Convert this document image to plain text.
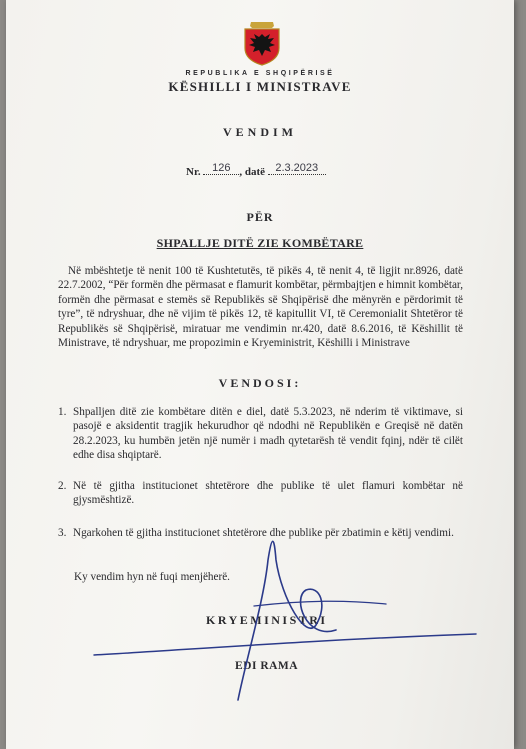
REPUBLIKA E SHQIPËRISË
KËSHILLI I MINISTRAVE
VENDIM
Nr. 126 , datë 2.3.2023
PËR
SHPALLJE DITË ZIE KOMBËTARE
Në mbështetje të nenit 100 të Kushtetutës, të pikës 4, të nenit 4, të ligjit nr.8926, datë 22.7.2002, “Për formën dhe përmasat e flamurit kombëtar, përmbajtjen e himnit kombëtar, formën dhe përmasat e stemës së Republikës së Shqipërisë dhe mënyrën e përdorimit të tyre”, të ndryshuar, dhe në vijim të pikës 12, të kapitullit VI, të Ceremonialit Shtetëror të Republikës së Shqipërisë, miratuar me vendimin nr.420, datë 8.6.2016, të Këshillit të Ministrave, të ndryshuar, me propozimin e Kryeministrit, Këshilli i Ministrave
VENDOSI:
1. Shpalljen ditë zie kombëtare ditën e diel, datë 5.3.2023, në nderim të viktimave, si pasojë e aksidentit tragjik hekurudhor që ndodhi në Republikën e Greqisë në datën 28.2.2023, ku humbën jetën një numër i madh qytetarësh të vendit fqinj, ndër të cilët edhe disa shqiptarë.
2. Në të gjitha institucionet shtetërore dhe publike të ulet flamuri kombëtar në gjysmështizë.
3. Ngarkohen të gjitha institucionet shtetërore dhe publike për zbatimin e këtij vendimi.
Ky vendim hyn në fuqi menjëherë.
KRYEMINISTRI
EDI RAMA
